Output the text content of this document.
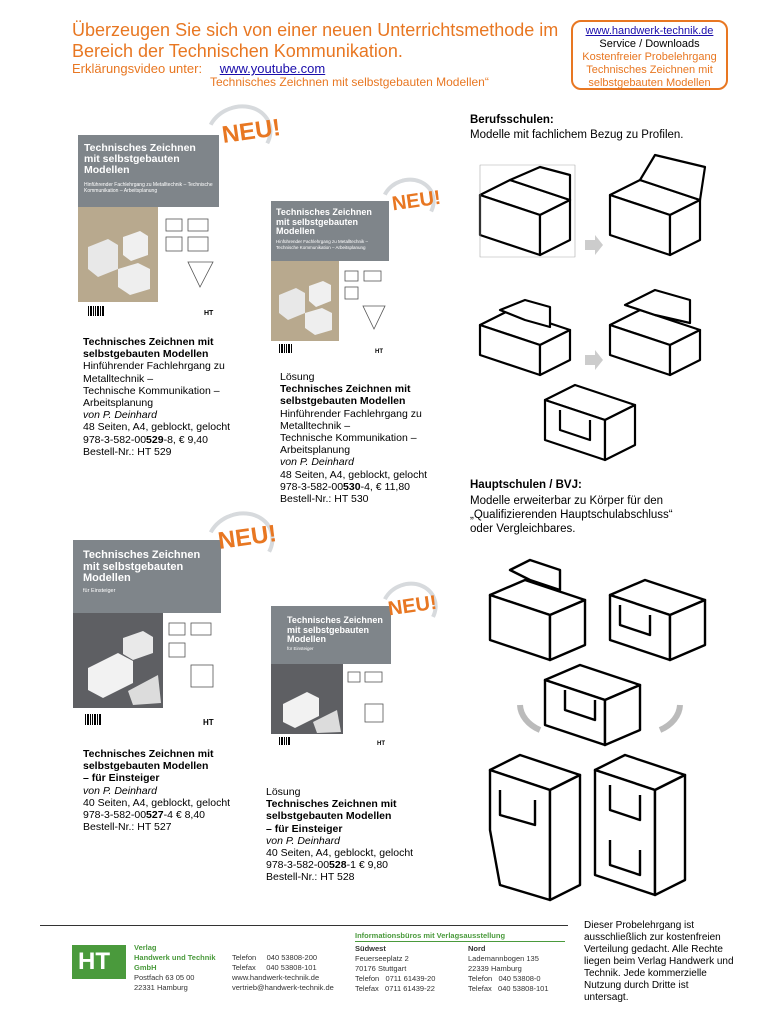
Überzeugen Sie sich von einer neuen Unterrichtsmethode im Bereich der Technischen Kommunikation.
Erklärungsvideo unter: www.youtube.com
Technisches Zeichnen mit selbstgebauten Modellen“
www.handwerk-technik.de
Service / Downloads
Kostenfreier Probelehrgang
Technisches Zeichnen mit
selbstgebauten Modellen
Technisches Zeichnen mit selbstgebauten Modellen
Hinführender Fachlehrgang zu Metalltechnik – Technische Kommunikation – Arbeitsplanung
HT
NEU!
Technisches Zeichnen mit
selbstgebauten Modellen
Hinführender Fachlehrgang zu
Metalltechnik –
Technische Kommunikation –
Arbeitsplanung
von P. Deinhard
48 Seiten, A4, geblockt, gelocht
978-3-582-00529-8, € 9,40
Bestell-Nr.: HT 529
Technisches Zeichnen mit selbstgebauten Modellen
Hinführender Fachlehrgang zu Metalltechnik – Technische Kommunikation – Arbeitsplanung
HT
NEU!
Lösung
Technisches Zeichnen mit
selbstgebauten Modellen
Hinführender Fachlehrgang zu
Metalltechnik –
Technische Kommunikation –
Arbeitsplanung
von P. Deinhard
48 Seiten, A4, geblockt, gelocht
978-3-582-00530-4, € 11,80
Bestell-Nr.: HT 530
Technisches Zeichnen mit selbstgebauten Modellen
für Einsteiger
HT
NEU!
Technisches Zeichnen mit
selbstgebauten Modellen
– für Einsteiger
von P. Deinhard
40 Seiten, A4, geblockt, gelocht
978-3-582-00527-4 € 8,40
Bestell-Nr.: HT 527
Technisches Zeichnen mit selbstgebauten Modellen
für Einsteiger
HT
NEU!
Lösung
Technisches Zeichnen mit
selbstgebauten Modellen
– für Einsteiger
von P. Deinhard
40 Seiten, A4, geblockt, gelocht
978-3-582-00528-1 € 9,80
Bestell-Nr.: HT 528
Berufsschulen:
Modelle mit fachlichem Bezug zu Profilen.
Hauptschulen / BVJ:
Modelle erweiterbar zu Körper für den
„Qualifizierenden Hauptschulabschluss“
oder Vergleichbares.
HT
Verlag
Handwerk und Technik
GmbH
Postfach 63 05 00
22331 Hamburg
Telefon 040 53808-200
Telefax 040 53808-101
www.handwerk-technik.de
vertrieb@handwerk-technik.de
Informationsbüros mit Verlagsausstellung
Südwest
Feuerseeplatz 2
70176 Stuttgart
Telefon 0711 61439-20
Telefax 0711 61439-22
Nord
Lademannbogen 135
22339 Hamburg
Telefon 040 53808-0
Telefax 040 53808-101
Dieser Probelehrgang ist ausschließlich zur kostenfreien Verteilung gedacht. Alle Rechte liegen beim Verlag Handwerk und Technik. Jede kommerzielle Nutzung durch Dritte ist untersagt.
